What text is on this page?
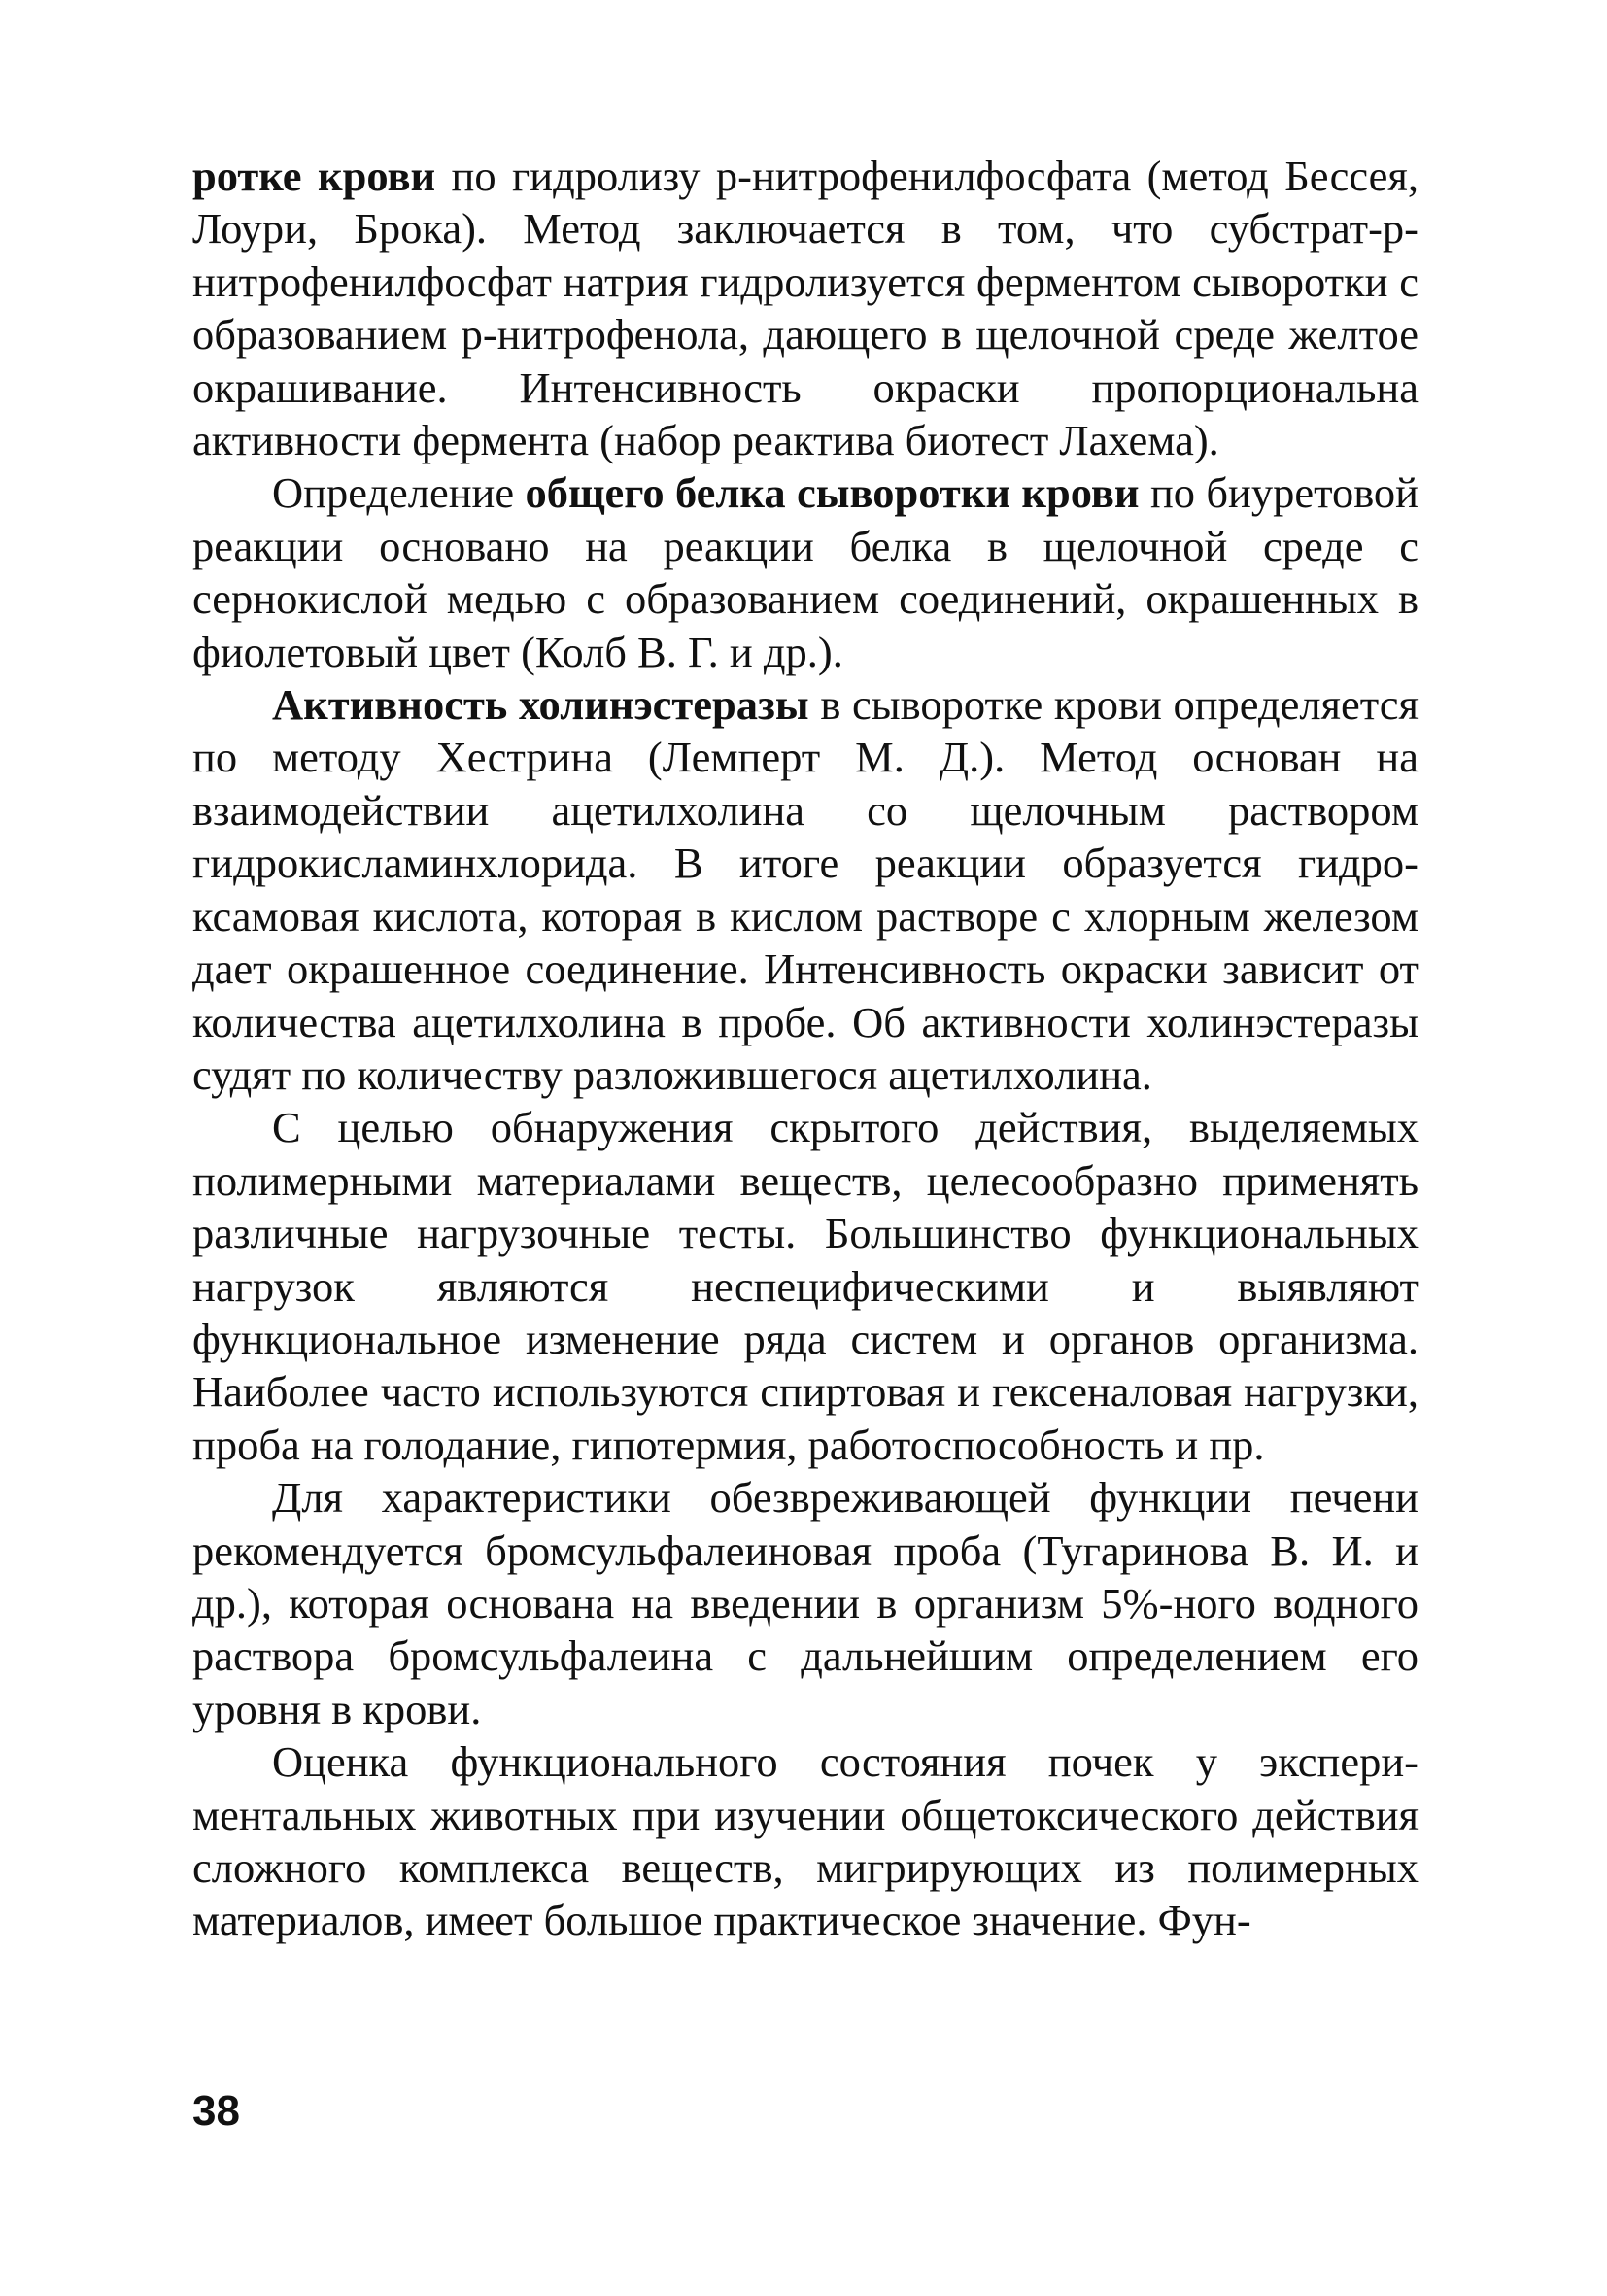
ротке крови по гидролизу р-нитрофенилфосфата (метод Бессея, Лоури, Брока). Метод заключается в том, что субстрат-р-нитрофенилфосфат натрия гидролизуется ферментом сыворотки с образованием р-нитрофенола, дающего в щелочной среде желтое окрашивание. Интенсивность окраски пропорциональна активности фермента (набор реактива биотест Лахема).

Определение общего белка сыворотки крови по биуретовой реакции основано на реакции белка в щелочной среде с сернокислой медью с образованием соединений, окрашенных в фиолетовый цвет (Колб В. Г. и др.).

Активность холинэстеразы в сыворотке крови определяется по методу Хестрина (Лемперт М. Д.). Метод основан на взаимодействии ацетилхолина со щелочным раствором гидрокисламинхлорида. В итоге реакции образуется гидроксамовая кислота, которая в кислом растворе с хлорным железом дает окрашенное соединение. Интенсивность окраски зависит от количества ацетилхолина в пробе. Об активности холинэстеразы судят по количеству разложившегося ацетилхолина.

С целью обнаружения скрытого действия, выделяемых полимерными материалами веществ, целесообразно применять различные нагрузочные тесты. Большинство функциональных нагрузок являются неспецифическими и выявляют функциональное изменение ряда систем и органов организма. Наиболее часто используются спиртовая и гексеналовая нагрузки, проба на голодание, гипотермия, работоспособность и пр.

Для характеристики обезвреживающей функции печени рекомендуется бромсульфалеиновая проба (Тугаринова В. И. и др.), которая основана на введении в организм 5%-ного водного раствора бромсульфалеина с дальнейшим определением его уровня в крови.

Оценка функционального состояния почек у экспериментальных животных при изучении общетоксического действия сложного комплекса веществ, мигрирующих из полимерных материалов, имеет большое практическое значение. Фун-

38
